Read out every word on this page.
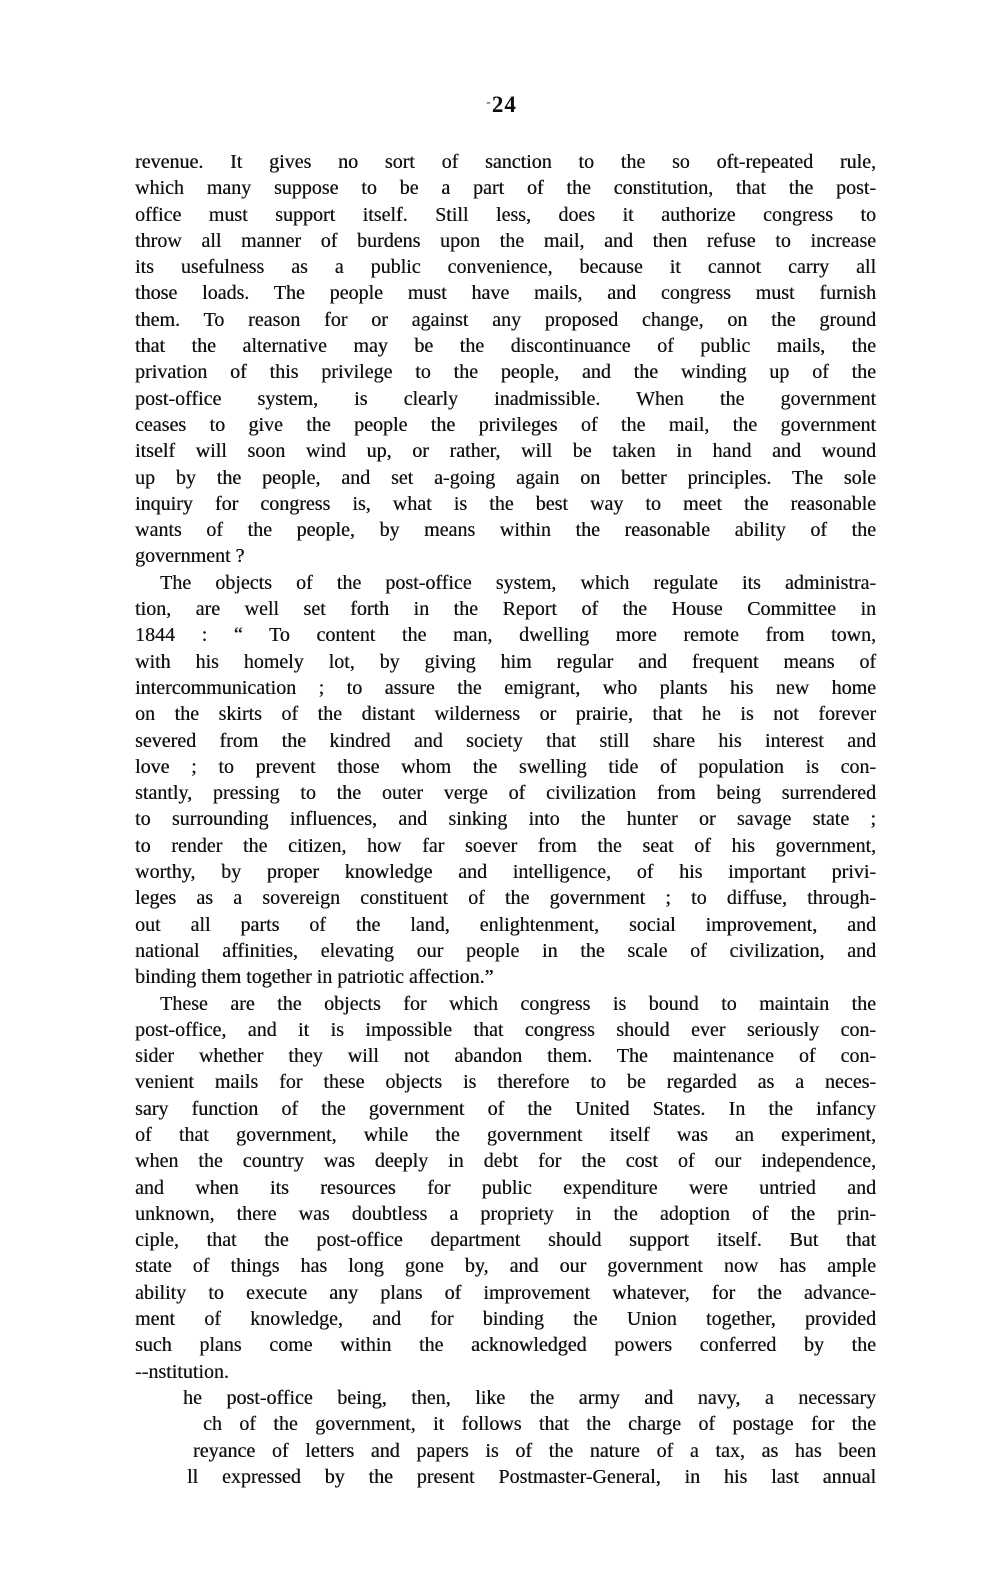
-24
revenue. It gives no sort of sanction to the so oft-repeated rule,
which many suppose to be a part of the constitution, that the post-
office must support itself. Still less, does it authorize congress to
throw all manner of burdens upon the mail, and then refuse to increase
its usefulness as a public convenience, because it cannot carry all
those loads. The people must have mails, and congress must furnish
them. To reason for or against any proposed change, on the ground
that the alternative may be the discontinuance of public mails, the
privation of this privilege to the people, and the winding up of the
post-office system, is clearly inadmissible. When the government
ceases to give the people the privileges of the mail, the government
itself will soon wind up, or rather, will be taken in hand and wound
up by the people, and set a-going again on better principles. The sole
inquiry for congress is, what is the best way to meet the reasonable
wants of the people, by means within the reasonable ability of the
government ?
The objects of the post-office system, which regulate its administra-
tion, are well set forth in the Report of the House Committee in
1844 : “ To content the man, dwelling more remote from town,
with his homely lot, by giving him regular and frequent means of
intercommunication ; to assure the emigrant, who plants his new home
on the skirts of the distant wilderness or prairie, that he is not forever
severed from the kindred and society that still share his interest and
love ; to prevent those whom the swelling tide of population is con-
stantly, pressing to the outer verge of civilization from being surrendered
to surrounding influences, and sinking into the hunter or savage state ;
to render the citizen, how far soever from the seat of his government,
worthy, by proper knowledge and intelligence, of his important privi-
leges as a sovereign constituent of the government ; to diffuse, through-
out all parts of the land, enlightenment, social improvement, and
national affinities, elevating our people in the scale of civilization, and
binding them together in patriotic affection.”
These are the objects for which congress is bound to maintain the
post-office, and it is impossible that congress should ever seriously con-
sider whether they will not abandon them. The maintenance of con-
venient mails for these objects is therefore to be regarded as a neces-
sary function of the government of the United States. In the infancy
of that government, while the government itself was an experiment,
when the country was deeply in debt for the cost of our independence,
and when its resources for public expenditure were untried and
unknown, there was doubtless a propriety in the adoption of the prin-
ciple, that the post-office department should support itself. But that
state of things has long gone by, and our government now has ample
ability to execute any plans of improvement whatever, for the advance-
ment of knowledge, and for binding the Union together, provided
such plans come within the acknowledged powers conferred by the
--nstitution.
he post-office being, then, like the army and navy, a necessary
ch of the government, it follows that the charge of postage for the
reyance of letters and papers is of the nature of a tax, as has been
ll expressed by the present Postmaster-General, in his last annual
